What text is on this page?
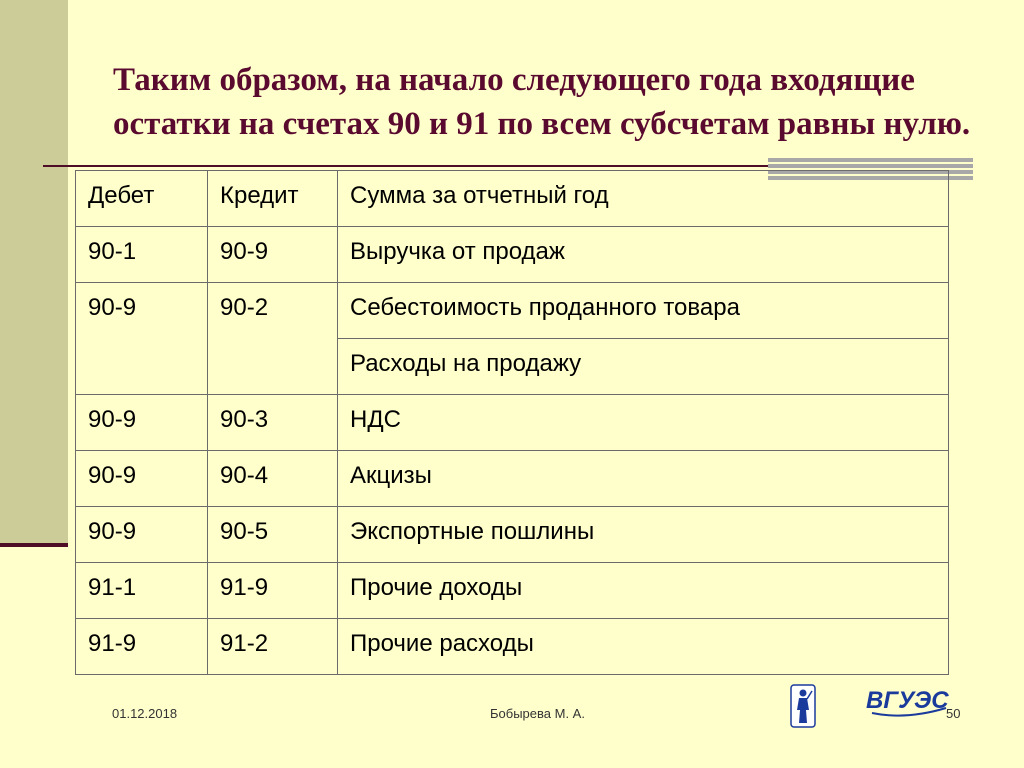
Таким образом, на начало следующего года входящие
остатки на счетах 90 и 91 по всем субсчетам равны нулю.
Дебет	Кредит	Сумма за отчетный год

90-1	90-9	Выручка от продаж

90-9	90-2	Себестоимость проданного товара

		Расходы на продажу

90-9	90-3	НДС

90-9	90-4	Акцизы

90-9	90-5	Экспортные пошлины

91-1	91-9	Прочие доходы

91-9	91-2	Прочие расходы
01.12.2018	Бобырева М. А.	50
ВГУЭС
